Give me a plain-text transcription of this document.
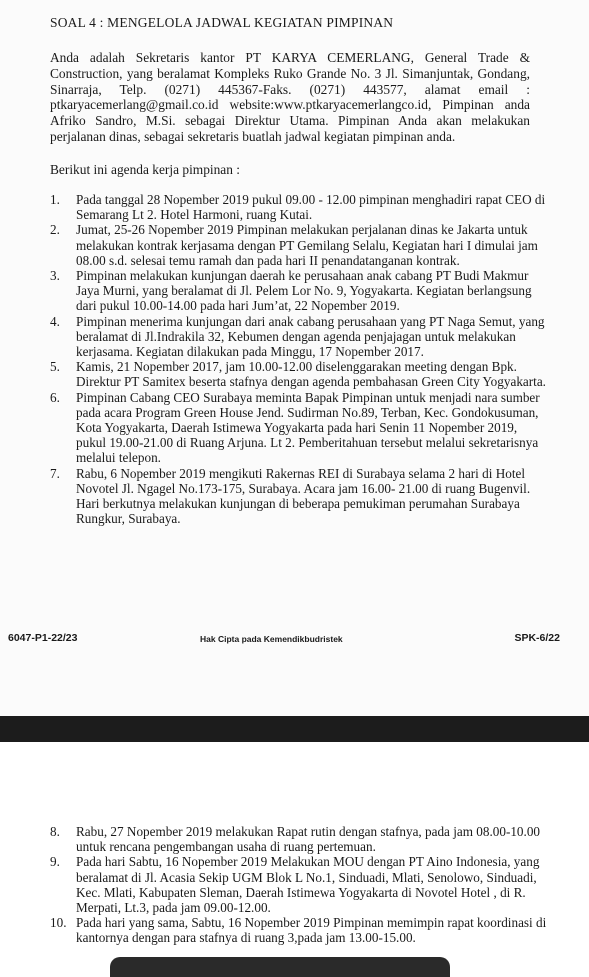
SOAL 4 : MENGELOLA JADWAL KEGIATAN PIMPINAN
Anda adalah Sekretaris kantor PT KARYA CEMERLANG, General Trade & Construction, yang beralamat Kompleks Ruko Grande No. 3 Jl. Simanjuntak, Gondang, Sinarraja, Telp. (0271) 445367-Faks. (0271) 443577, alamat email : ptkaryacemerlang@gmail.co.id website:www.ptkaryacemerlangco.id, Pimpinan anda Afriko Sandro, M.Si. sebagai Direktur Utama. Pimpinan Anda akan melakukan perjalanan dinas, sebagai sekretaris buatlah jadwal kegiatan pimpinan anda.
Berikut ini agenda kerja pimpinan :
1. Pada tanggal 28 Nopember 2019 pukul 09.00 - 12.00 pimpinan menghadiri rapat CEO di Semarang Lt 2. Hotel Harmoni, ruang Kutai.
2. Jumat, 25-26 Nopember 2019 Pimpinan melakukan perjalanan dinas ke Jakarta untuk melakukan kontrak kerjasama dengan PT Gemilang Selalu, Kegiatan hari I dimulai jam 08.00 s.d. selesai temu ramah dan pada hari II penandatanganan kontrak.
3. Pimpinan melakukan kunjungan daerah ke perusahaan anak cabang PT Budi Makmur Jaya Murni, yang beralamat di Jl. Pelem Lor No. 9, Yogyakarta. Kegiatan berlangsung dari pukul 10.00-14.00 pada hari Jum’at, 22 Nopember 2019.
4. Pimpinan menerima kunjungan dari anak cabang perusahaan yang PT Naga Semut, yang beralamat di Jl.Indrakila 32, Kebumen dengan agenda penjajagan untuk melakukan kerjasama. Kegiatan dilakukan pada Minggu, 17 Nopember 2017.
5. Kamis, 21 Nopember 2017, jam 10.00-12.00 diselenggarakan meeting dengan Bpk. Direktur PT Samitex beserta stafnya dengan agenda pembahasan Green City Yogyakarta.
6. Pimpinan Cabang CEO Surabaya meminta Bapak Pimpinan untuk menjadi nara sumber pada acara Program Green House Jend. Sudirman No.89, Terban, Kec. Gondokusuman, Kota Yogyakarta, Daerah Istimewa Yogyakarta pada hari Senin 11 Nopember 2019, pukul 19.00-21.00 di Ruang Arjuna. Lt 2. Pemberitahuan tersebut melalui sekretarisnya melalui telepon.
7. Rabu, 6 Nopember 2019 mengikuti Rakernas REI di Surabaya selama 2 hari di Hotel Novotel Jl. Ngagel No.173-175, Surabaya. Acara jam 16.00- 21.00 di ruang Bugenvil. Hari berkutnya melakukan kunjungan di beberapa pemukiman perumahan Surabaya Rungkur, Surabaya.
6047-P1-22/23	Hak Cipta pada Kemendikbudristek	SPK-6/22
8. Rabu, 27 Nopember 2019 melakukan Rapat rutin dengan stafnya, pada jam 08.00-10.00 untuk rencana pengembangan usaha di ruang pertemuan.
9. Pada hari Sabtu, 16 Nopember 2019 Melakukan MOU dengan PT Aino Indonesia, yang beralamat di Jl. Acasia Sekip UGM Blok L No.1, Sinduadi, Mlati, Senolowo, Sinduadi, Kec. Mlati, Kabupaten Sleman, Daerah Istimewa Yogyakarta di Novotel Hotel , di R. Merpati, Lt.3, pada jam 09.00-12.00.
10. Pada hari yang sama, Sabtu, 16 Nopember 2019 Pimpinan memimpin rapat koordinasi di kantornya dengan para stafnya di ruang 3,pada jam 13.00-15.00.
